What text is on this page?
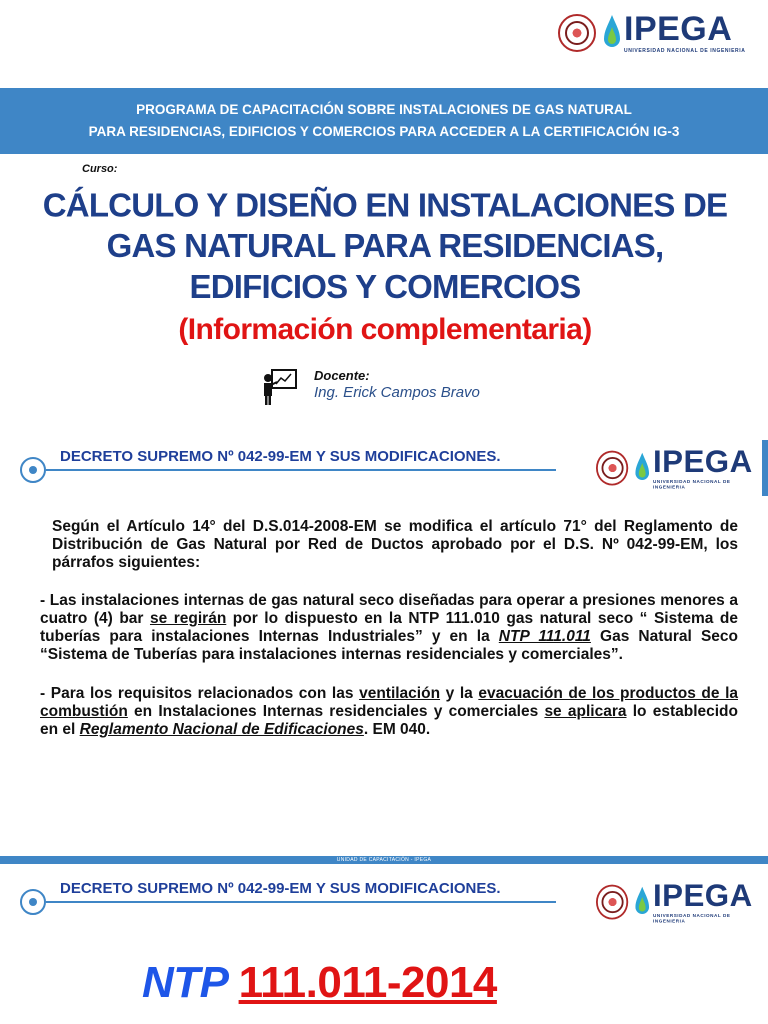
IPEGA
UNIVERSIDAD NACIONAL DE INGENIERIA
PROGRAMA DE CAPACITACIÓN SOBRE INSTALACIONES DE GAS NATURAL
PARA RESIDENCIAS, EDIFICIOS Y COMERCIOS PARA ACCEDER A LA CERTIFICACIÓN IG-3
Curso:
CÁLCULO Y DISEÑO EN INSTALACIONES DE
GAS NATURAL PARA RESIDENCIAS,
EDIFICIOS Y COMERCIOS
(Información complementaria)
Docente:
Ing. Erick Campos Bravo
DECRETO SUPREMO Nº 042-99-EM Y SUS MODIFICACIONES.	IPEGA
UNIVERSIDAD NACIONAL DE INGENIERIA
Según el Artículo 14° del D.S.014-2008-EM se modifica el artículo 71° del Reglamento de Distribución de Gas Natural por Red de Ductos aprobado por el D.S. Nº 042-99-EM, los párrafos siguientes:
- Las instalaciones internas de gas natural seco diseñadas para operar a presiones menores a cuatro (4) bar se regirán por lo dispuesto en la NTP 111.010 gas natural seco “ Sistema de tuberías para instalaciones Internas Industriales” y en la NTP 111.011 Gas Natural Seco “Sistema de Tuberías para instalaciones internas residenciales y comerciales”.
- Para los requisitos relacionados con las ventilación y la evacuación de los productos de la combustión en Instalaciones Internas residenciales y comerciales se aplicara lo establecido en el Reglamento Nacional de Edificaciones. EM 040.
UNIDAD DE CAPACITACIÓN - IPEGA
DECRETO SUPREMO Nº 042-99-EM Y SUS MODIFICACIONES.	IPEGA
UNIVERSIDAD NACIONAL DE INGENIERIA
NTP 111.011-2014
